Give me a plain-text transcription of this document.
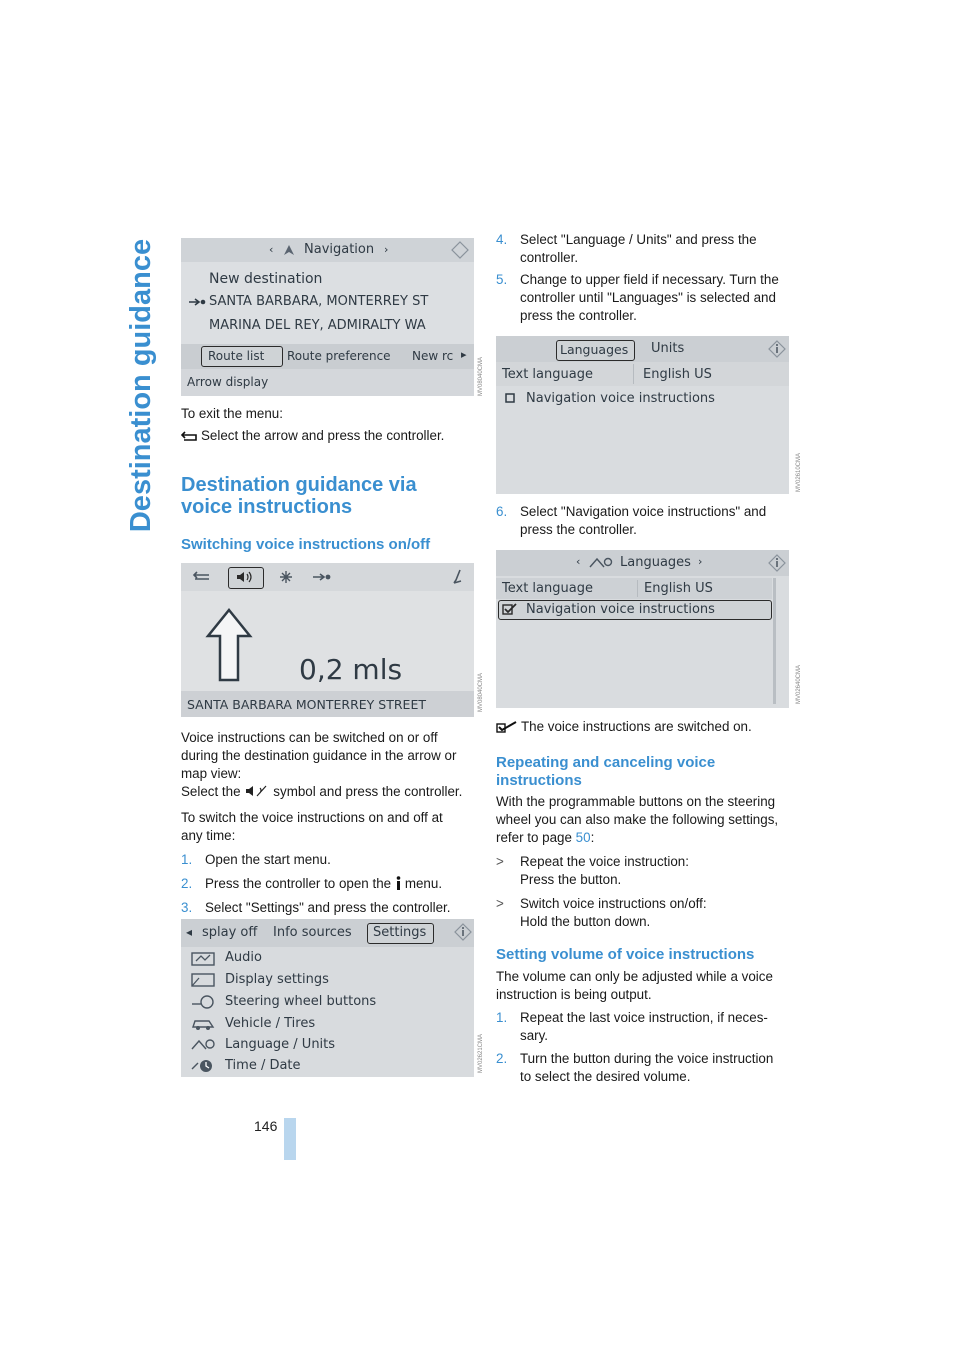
Destination guidance
146
‹ Navigation ›
New destination
SANTA BARBARA, MONTERREY ST
MARINA DEL REY, ADMIRALTY WA
Route list Route preference New rc ▸
Arrow display	MV08040CMA

To exit the menu:

Select the arrow and press the controller.

Destination guidance via

voice instructions

Switching voice instructions on/off

0,2 mls
SANTA BARBARA MONTERREY STREET	MV08040CMA

Voice instructions can be switched on or off

during the destination guidance in the arrow or

map view:

Select the symbol and press the controller.

To switch the voice instructions on and off at

any time:

1. Open the start menu.
2. Press the controller to open the menu.
3. Select "Settings" and press the controller.
◂ splay off Info sources Settings
Audio
Display settings
Steering wheel buttons
Vehicle / Tires
Language / Units
Time / Date	MV02621CMA
4. Select "Language / Units" and press the
controller.
5. Change to upper field if necessary. Turn the
controller until "Languages" is selected and
press the controller.
Languages Units
Text language	English US
Navigation voice instructions
MV02610CMA
6. Select "Navigation voice instructions" and
press the controller.
‹	Languages ›
Text language	English US
Navigation voice instructions
MV02640CMA

The voice instructions are switched on.

Repeating and canceling voice

instructions

With the programmable buttons on the steering

wheel you can also make the following settings,

refer to page 50:

>	Repeat the voice instruction:
Press the button.
>	Switch voice instructions on/off:
Hold the button down.

Setting volume of voice instructions

The volume can only be adjusted while a voice

instruction is being output.

1. Repeat the last voice instruction, if neces-
sary.
2. Turn the button during the voice instruction
to select the desired volume.
